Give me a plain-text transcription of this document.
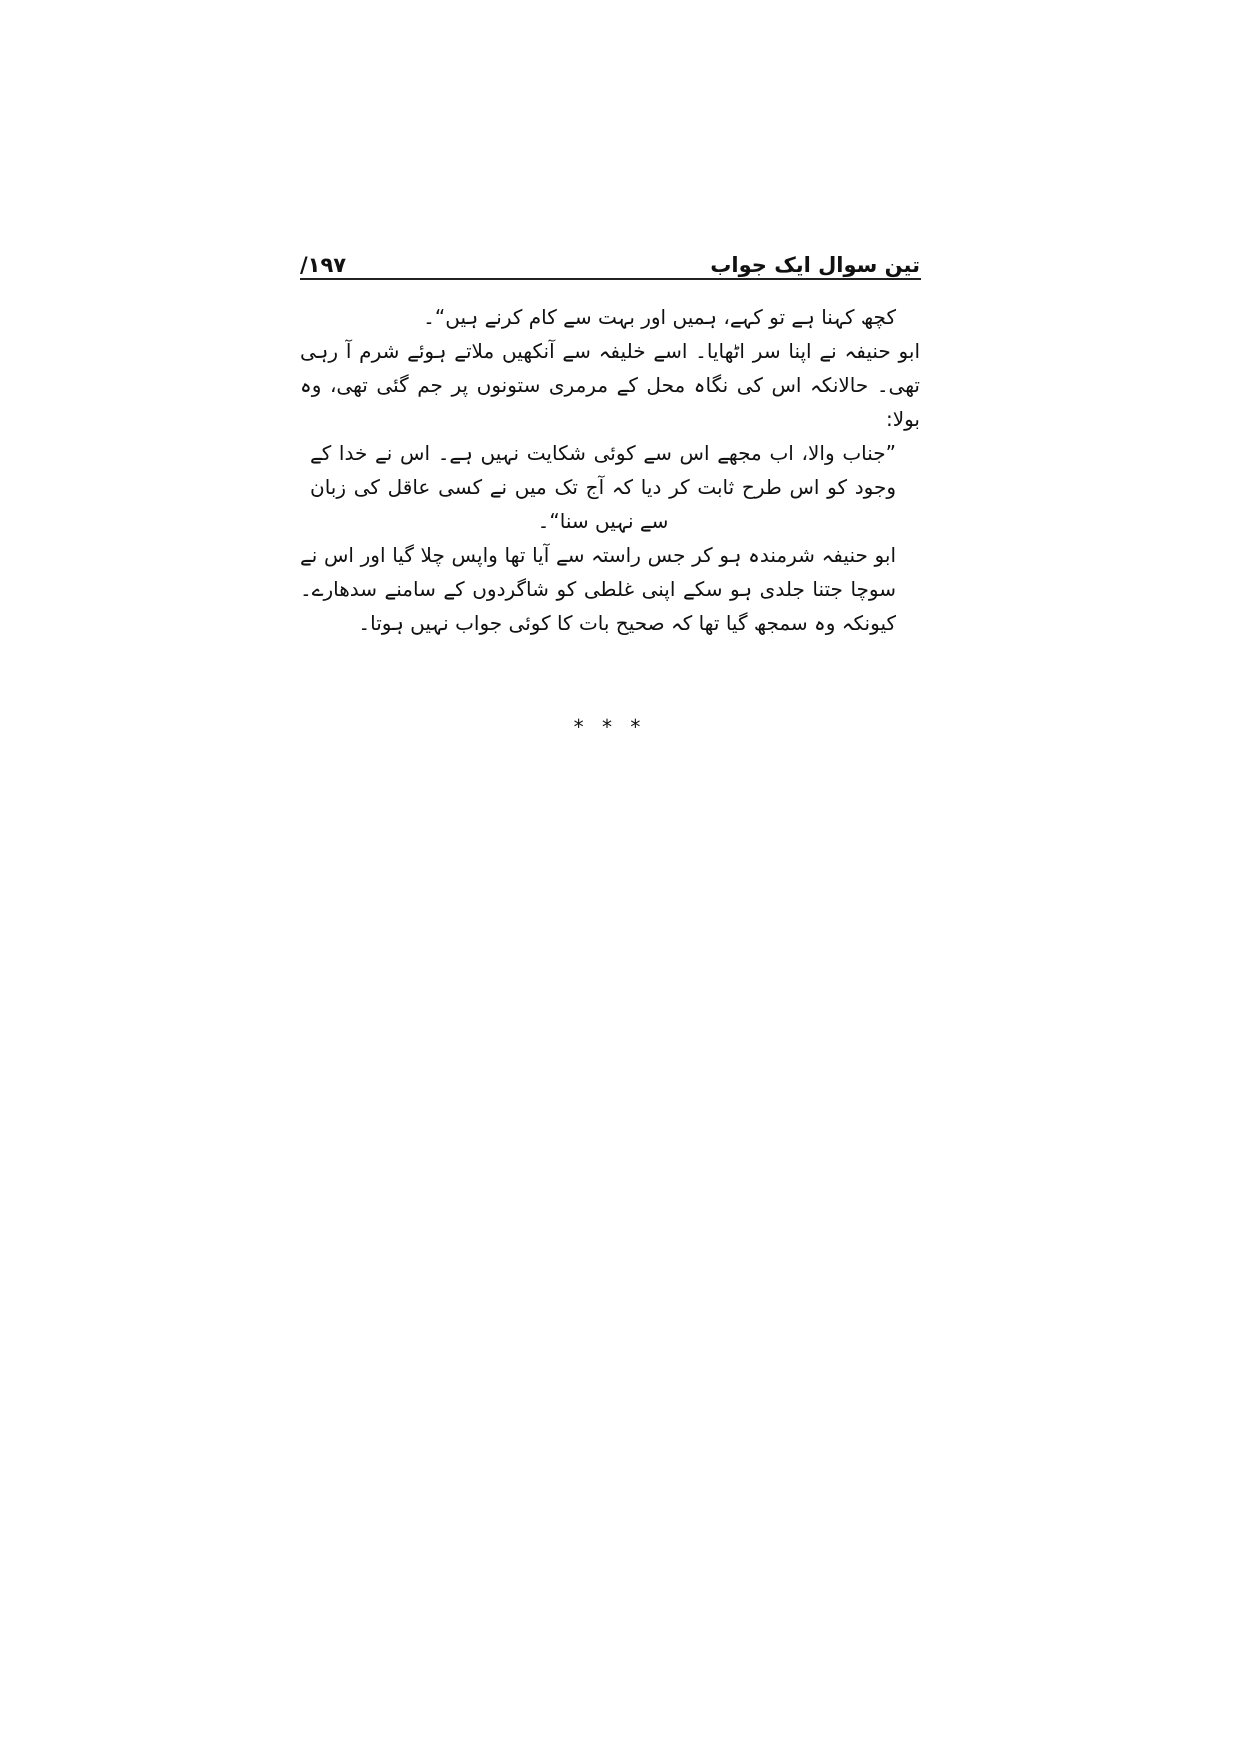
تین سوال ایک جواب
۱۹۷/

کچھ کہنا ہے تو کہے، ہمیں اور بہت سے کام کرنے ہیں“۔

ابو حنیفہ نے اپنا سر اٹھایا۔ اسے خلیفہ سے آنکھیں ملاتے ہوئے شرم آ رہی تھی۔ حالانکہ اس کی نگاہ محل کے مرمری ستونوں پر جم گئی تھی، وہ بولا:

”جناب والا، اب مجھے اس سے کوئی شکایت نہیں ہے۔ اس نے خدا کے وجود کو اس طرح ثابت کر دیا کہ آج تک میں نے کسی عاقل کی زبان سے نہیں سنا“۔

ابو حنیفہ شرمندہ ہو کر جس راستہ سے آیا تھا واپس چلا گیا اور اس نے سوچا جتنا جلدی ہو سکے اپنی غلطی کو شاگردوں کے سامنے سدھارے۔ کیونکہ وہ سمجھ گیا تھا کہ صحیح بات کا کوئی جواب نہیں ہوتا۔

* * *
